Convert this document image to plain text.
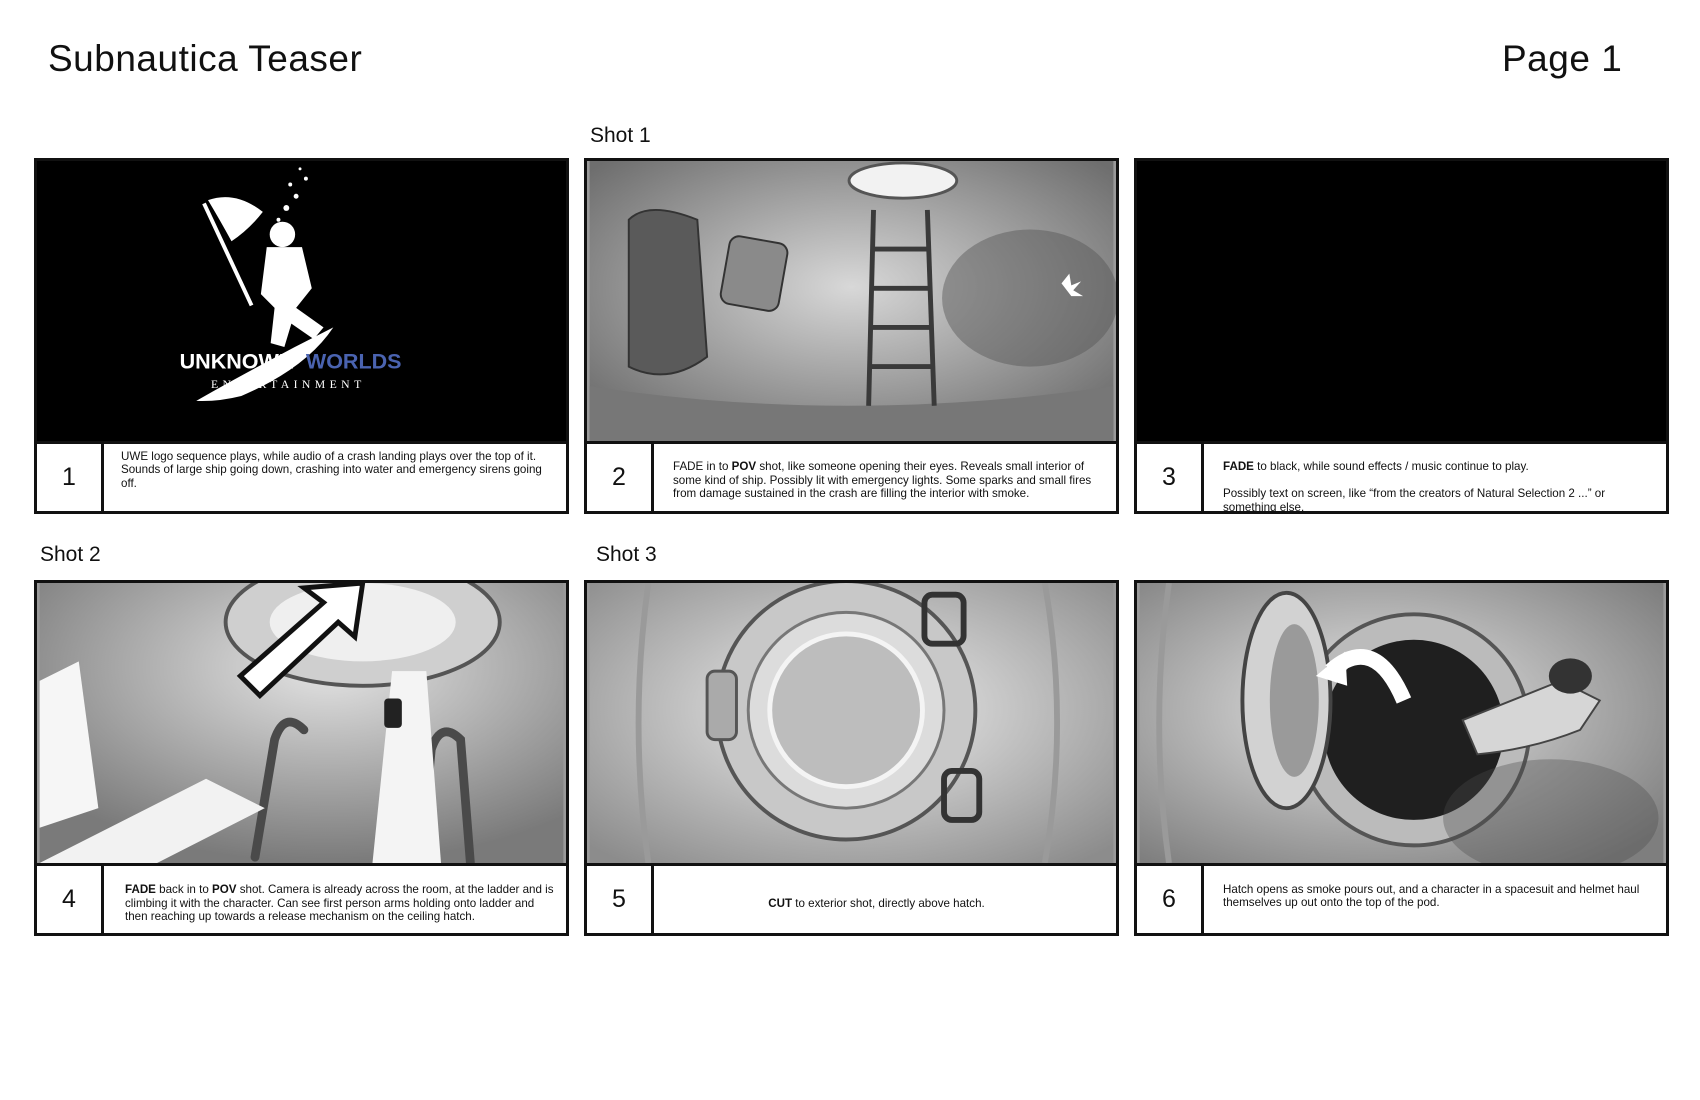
Subnautica Teaser	Page 1
Shot 1
Shot 2	Shot 3
UNKNOWN WORLDS
ENTERTAINMENT
1
UWE logo sequence plays, while audio of a crash landing plays over the top of it. Sounds of large ship going down, crashing into water and emergency sirens going off.	2	FADE in to POV shot, like someone opening their eyes. Reveals small interior of some kind of ship. Possibly lit with emergency lights. Some sparks and small fires from damage sustained in the crash are filling the interior with smoke.

3	FADE to black, while sound effects / music continue to play.

Possibly text on screen, like “from the creators of Natural Selection 2 ...” or something else.

4	FADE back in to POV shot. Camera is already across the room, at the ladder and is climbing it with the character. Can see first person arms holding onto ladder and then reaching up towards a release mechanism on the ceiling hatch.

5	CUT to exterior shot, directly above hatch.	6	Hatch opens as smoke pours out, and a character in a spacesuit and helmet haul themselves up out onto the top of the pod.
